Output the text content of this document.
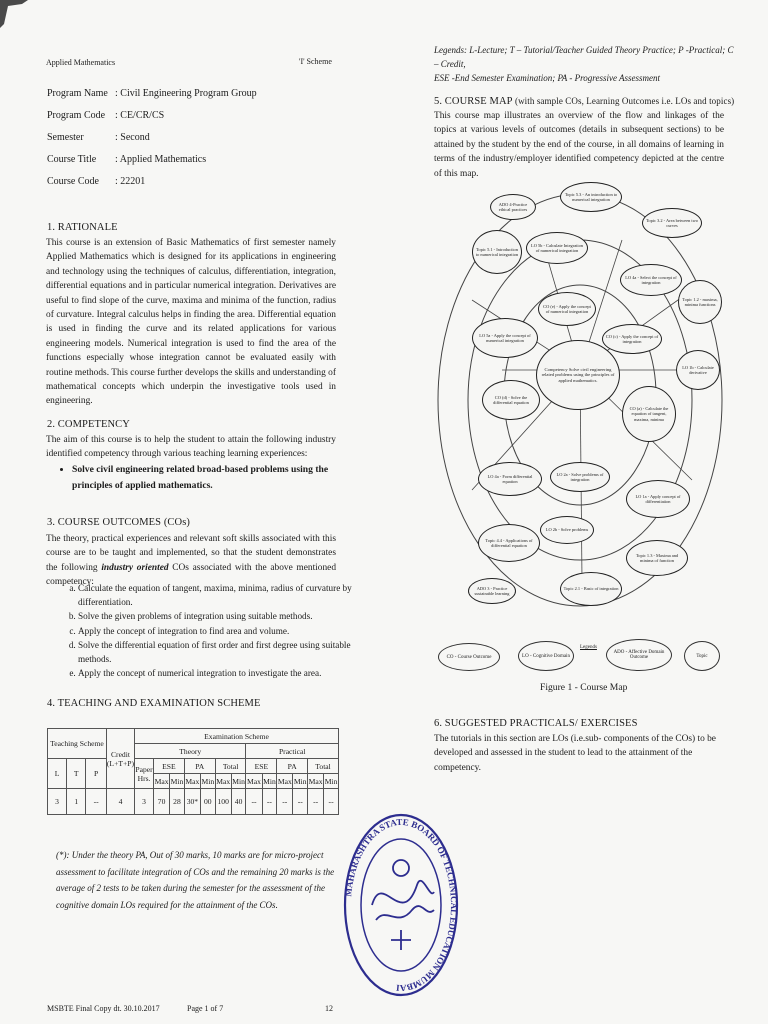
Applied Mathematics	'I' Scheme
Program Name : Civil Engineering Program Group
Program Code : CE/CR/CS
Semester	: Second
Course Title	: Applied Mathematics
Course Code	: 22201
1. RATIONALE
This course is an extension of Basic Mathematics of first semester namely Applied Mathematics which is designed for its applications in engineering and technology using the techniques of calculus, differentiation, integration, differential equations and in particular numerical integration. Derivatives are useful to find slope of the curve, maxima and minima of the function, radius of curvature. Integral calculus helps in finding the area. Differential equation is used in finding the curve and its related applications for various engineering models. Numerical integration is used to find the area of the functions especially whose integration cannot be evaluated easily with routine methods. This course further develops the skills and understanding of mathematical concepts which underpin the investigative tools used in engineering.
2. COMPETENCY
The aim of this course is to help the student to attain the following industry identified competency through various teaching learning experiences:
• Solve civil engineering related broad-based problems using the principles of applied mathematics.
3. COURSE OUTCOMES (COs)
The theory, practical experiences and relevant soft skills associated with this course are to be taught and implemented, so that the student demonstrates the following industry oriented COs associated with the above mentioned competency:
a. Calculate the equation of tangent, maxima, minima, radius of curvature by differentiation.
b. Solve the given problems of integration using suitable methods.
c. Apply the concept of integration to find area and volume.
d. Solve the differential equation of first order and first degree using suitable methods.
e. Apply the concept of numerical integration to investigate the area.
4. TEACHING AND EXAMINATION SCHEME
Teaching Scheme			Credit (L+T+P)	Examination Scheme												
				Theory							Practical					
L	T	P		Paper Hrs.	ESE		PA		Total		ESE		PA		Total	
					Max	Min	Max	Min	Max	Min	Max	Min	Max	Min	Max	Min
3	1	--	4	3	70	28	30*	00	100	40	--	--	--	--	--	--
(*): Under the theory PA, Out of 30 marks, 10 marks are for micro-project assessment to facilitate integration of COs and the remaining 20 marks is the average of 2 tests to be taken during the semester for the assessment of the cognitive domain LOs required for the attainment of the COs.
MSBTE Final Copy dt. 30.10.2017	Page 1 of 7	12
Legends: L-Lecture; T – Tutorial/Teacher Guided Theory Practice; P -Practical; C – Credit,
ESE -End Semester Examination; PA - Progressive Assessment
5. COURSE MAP (with sample COs, Learning Outcomes i.e. LOs and topics)
This course map illustrates an overview of the flow and linkages of the topics at various levels of outcomes (details in subsequent sections) to be attained by the student by the end of the course, in all domains of learning in terms of the industry/employer identified competency depicted at the centre of this map.
ADO 4-Practice ethical practices
Topic 5.3 - An introduction to numerical integration
Topic 3.2 - Area between two curves
Topic 5.1 - Introduction to numerical integration
LO 5b - Calculate Integration of numerical integration
LO 4a - Select the concept of integration
Topic 1.2 - maxima, minima functions
CO (e) - Apply the concept of numerical integration
CO (c) - Apply the concept of integration
LO 5a - Apply the concept of numerical integration
LO 1b - Calculate derivative
CO (d) - Solve the differential equation
CO (a) - Calculate the equation of tangent, maxima, minima
LO 4a - Form differential equation
LO 2a - Solve problems of integration
LO 1a - Apply concept of differentiation
Topic 4.4 - Applications of differential equation
LO 2b - Solve problems
Topic 1.3 - Maxima and minima of function
ADO 3 - Practice sustainable learning
Topic 2.1 - Basic of integration
Competency Solve civil engineering related problems using the principles of applied mathematics.
CO - Course Outcome	LO - Cognitive Domain
Legends
ADO - Affective Domain Outcome	Topic
Figure 1 - Course Map
6. SUGGESTED PRACTICALS/ EXERCISES
The tutorials in this section are LOs (i.e.sub- components of the COs) to be developed and assessed in the student to lead to the attainment of the competency.
MAHARASHTRA STATE BOARD OF TECHNICAL EDUCATION MUMBAI
